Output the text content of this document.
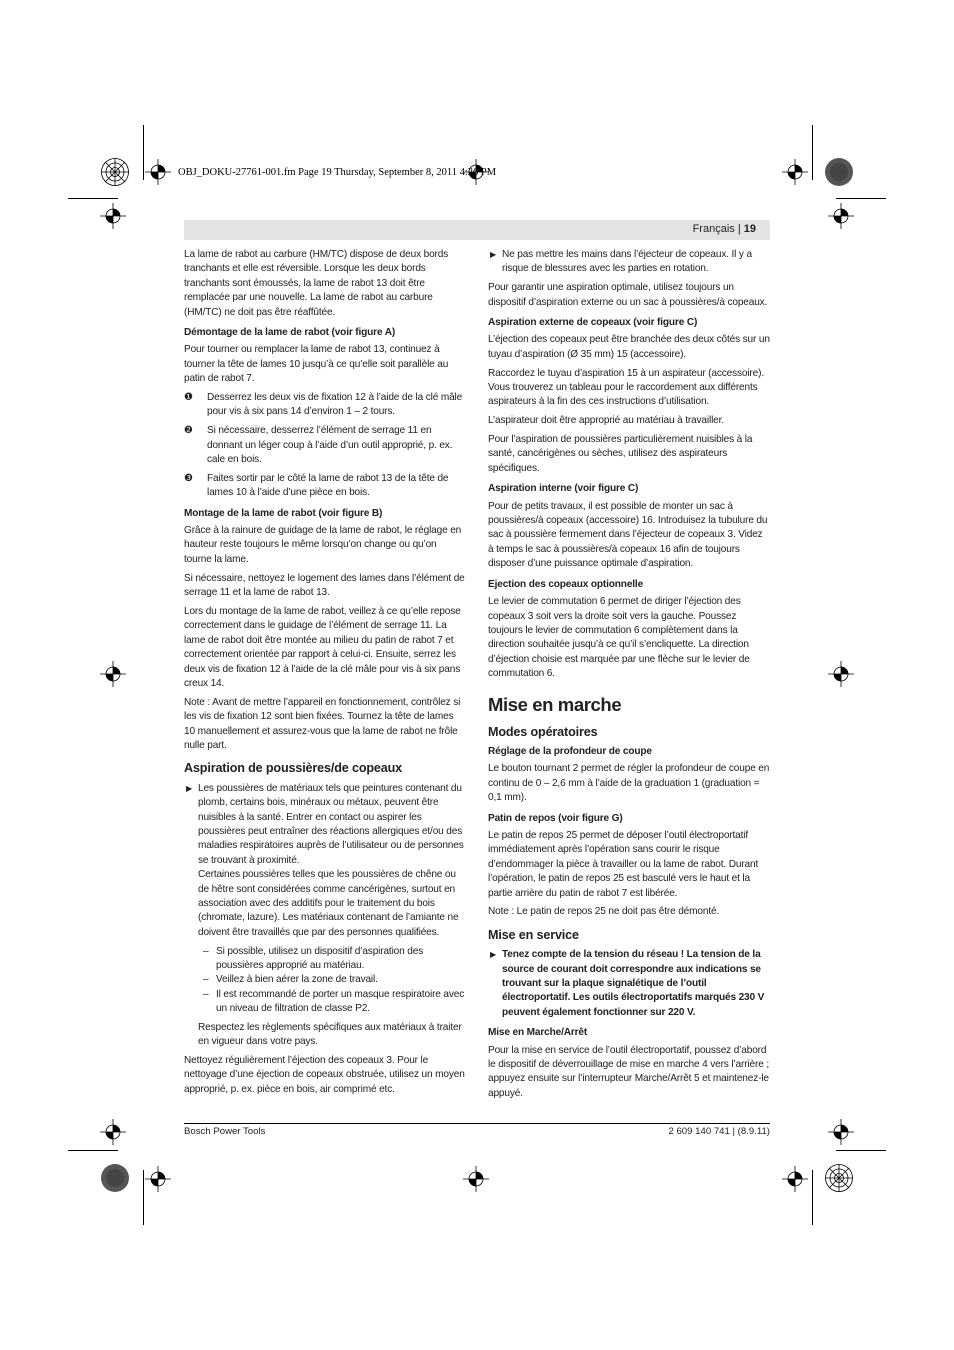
OBJ_DOKU-27761-001.fm Page 19 Thursday, September 8, 2011 4:26 PM
Français | 19

La lame de rabot au carbure (HM/TC) dispose de deux bords tranchants et elle est réversible. Lorsque les deux bords tranchants sont émoussés, la lame de rabot 13 doit être remplacée par une nouvelle. La lame de rabot au carbure (HM/TC) ne doit pas être réaffûtée.

Démontage de la lame de rabot (voir figure A)

Pour tourner ou remplacer la lame de rabot 13, continuez à tourner la tête de lames 10 jusqu’à ce qu’elle soit parallèle au patin de rabot 7.

❶ Desserrez les deux vis de fixation 12 à l’aide de la clé mâle pour vis à six pans 14 d’environ 1 – 2 tours.
❷ Si nécessaire, desserrez l’élément de serrage 11 en donnant un léger coup à l’aide d’un outil approprié, p. ex. cale en bois.
❸ Faites sortir par le côté la lame de rabot 13 de la tête de lames 10 à l’aide d’une pièce en bois.

Montage de la lame de rabot (voir figure B)

Grâce à la rainure de guidage de la lame de rabot, le réglage en hauteur reste toujours le même lorsqu’on change ou qu’on tourne la lame.

Si nécessaire, nettoyez le logement des lames dans l’élément de serrage 11 et la lame de rabot 13.

Lors du montage de la lame de rabot, veillez à ce qu’elle repose correctement dans le guidage de l’élément de serrage 11. La lame de rabot doit être montée au milieu du patin de rabot 7 et correctement orientée par rapport à celui-ci. Ensuite, serrez les deux vis de fixation 12 à l’aide de la clé mâle pour vis à six pans creux 14.

Note : Avant de mettre l’appareil en fonctionnement, contrôlez si les vis de fixation 12 sont bien fixées. Tournez la tête de lames 10 manuellement et assurez-vous que la lame de rabot ne frôle nulle part.

Aspiration de poussières/de copeaux

▶ Les poussières de matériaux tels que peintures contenant du plomb, certains bois, minéraux ou métaux, peuvent être nuisibles à la santé. Entrer en contact ou aspirer les poussières peut entraîner des réactions allergiques et/ou des maladies respiratoires auprès de l’utilisateur ou de personnes se trouvant à proximité.
Certaines poussières telles que les poussières de chêne ou de hêtre sont considérées comme cancérigènes, surtout en association avec des additifs pour le traitement du bois (chromate, lazure). Les matériaux contenant de l’amiante ne doivent être travaillés que par des personnes qualifiées.
– Si possible, utilisez un dispositif d’aspiration des poussières approprié au matériau.
– Veillez à bien aérer la zone de travail.
– Il est recommandé de porter un masque respiratoire avec un niveau de filtration de classe P2.

Respectez les règlements spécifiques aux matériaux à traiter en vigueur dans votre pays.

Nettoyez régulièrement l’éjection des copeaux 3. Pour le nettoyage d’une éjection de copeaux obstruée, utilisez un moyen approprié, p. ex. pièce en bois, air comprimé etc.

▶ Ne pas mettre les mains dans l’éjecteur de copeaux. Il y a risque de blessures avec les parties en rotation.

Pour garantir une aspiration optimale, utilisez toujours un dispositif d’aspiration externe ou un sac à poussières/à copeaux.

Aspiration externe de copeaux (voir figure C)

L’éjection des copeaux peut être branchée des deux côtés sur un tuyau d’aspiration (Ø 35 mm) 15 (accessoire).

Raccordez le tuyau d’aspiration 15 à un aspirateur (accessoire). Vous trouverez un tableau pour le raccordement aux différents aspirateurs à la fin des ces instructions d’utilisation.

L’aspirateur doit être approprié au matériau à travailler.

Pour l’aspiration de poussières particulièrement nuisibles à la santé, cancérigènes ou sèches, utilisez des aspirateurs spécifiques.

Aspiration interne (voir figure C)

Pour de petits travaux, il est possible de monter un sac à poussières/à copeaux (accessoire) 16. Introduisez la tubulure du sac à poussière fermement dans l’éjecteur de copeaux 3. Videz à temps le sac à poussières/à copeaux 16 afin de toujours disposer d’une puissance optimale d’aspiration.

Ejection des copeaux optionnelle

Le levier de commutation 6 permet de diriger l’éjection des copeaux 3 soit vers la droite soit vers la gauche. Poussez toujours le levier de commutation 6 complètement dans la direction souhaitée jusqu’à ce qu’il s’encliquette. La direction d’éjection choisie est marquée par une flèche sur le levier de commutation 6.

Mise en marche

Modes opératoires

Réglage de la profondeur de coupe

Le bouton tournant 2 permet de régler la profondeur de coupe en continu de 0 – 2,6 mm à l’aide de la graduation 1 (graduation = 0,1 mm).

Patin de repos (voir figure G)

Le patin de repos 25 permet de déposer l’outil électroportatif immédiatement après l’opération sans courir le risque d’endommager la pièce à travailler ou la lame de rabot. Durant l’opération, le patin de repos 25 est basculé vers le haut et la partie arrière du patin de rabot 7 est libérée.

Note : Le patin de repos 25 ne doit pas être démonté.

Mise en service

▶ Tenez compte de la tension du réseau ! La tension de la source de courant doit correspondre aux indications se trouvant sur la plaque signalétique de l’outil électroportatif. Les outils électroportatifs marqués 230 V peuvent également fonctionner sur 220 V.

Mise en Marche/Arrêt

Pour la mise en service de l’outil électroportatif, poussez d’abord le dispositif de déverrouillage de mise en marche 4 vers l’arrière ; appuyez ensuite sur l’interrupteur Marche/Arrêt 5 et maintenez-le appuyé.

Bosch Power Tools	2 609 140 741 | (8.9.11)
